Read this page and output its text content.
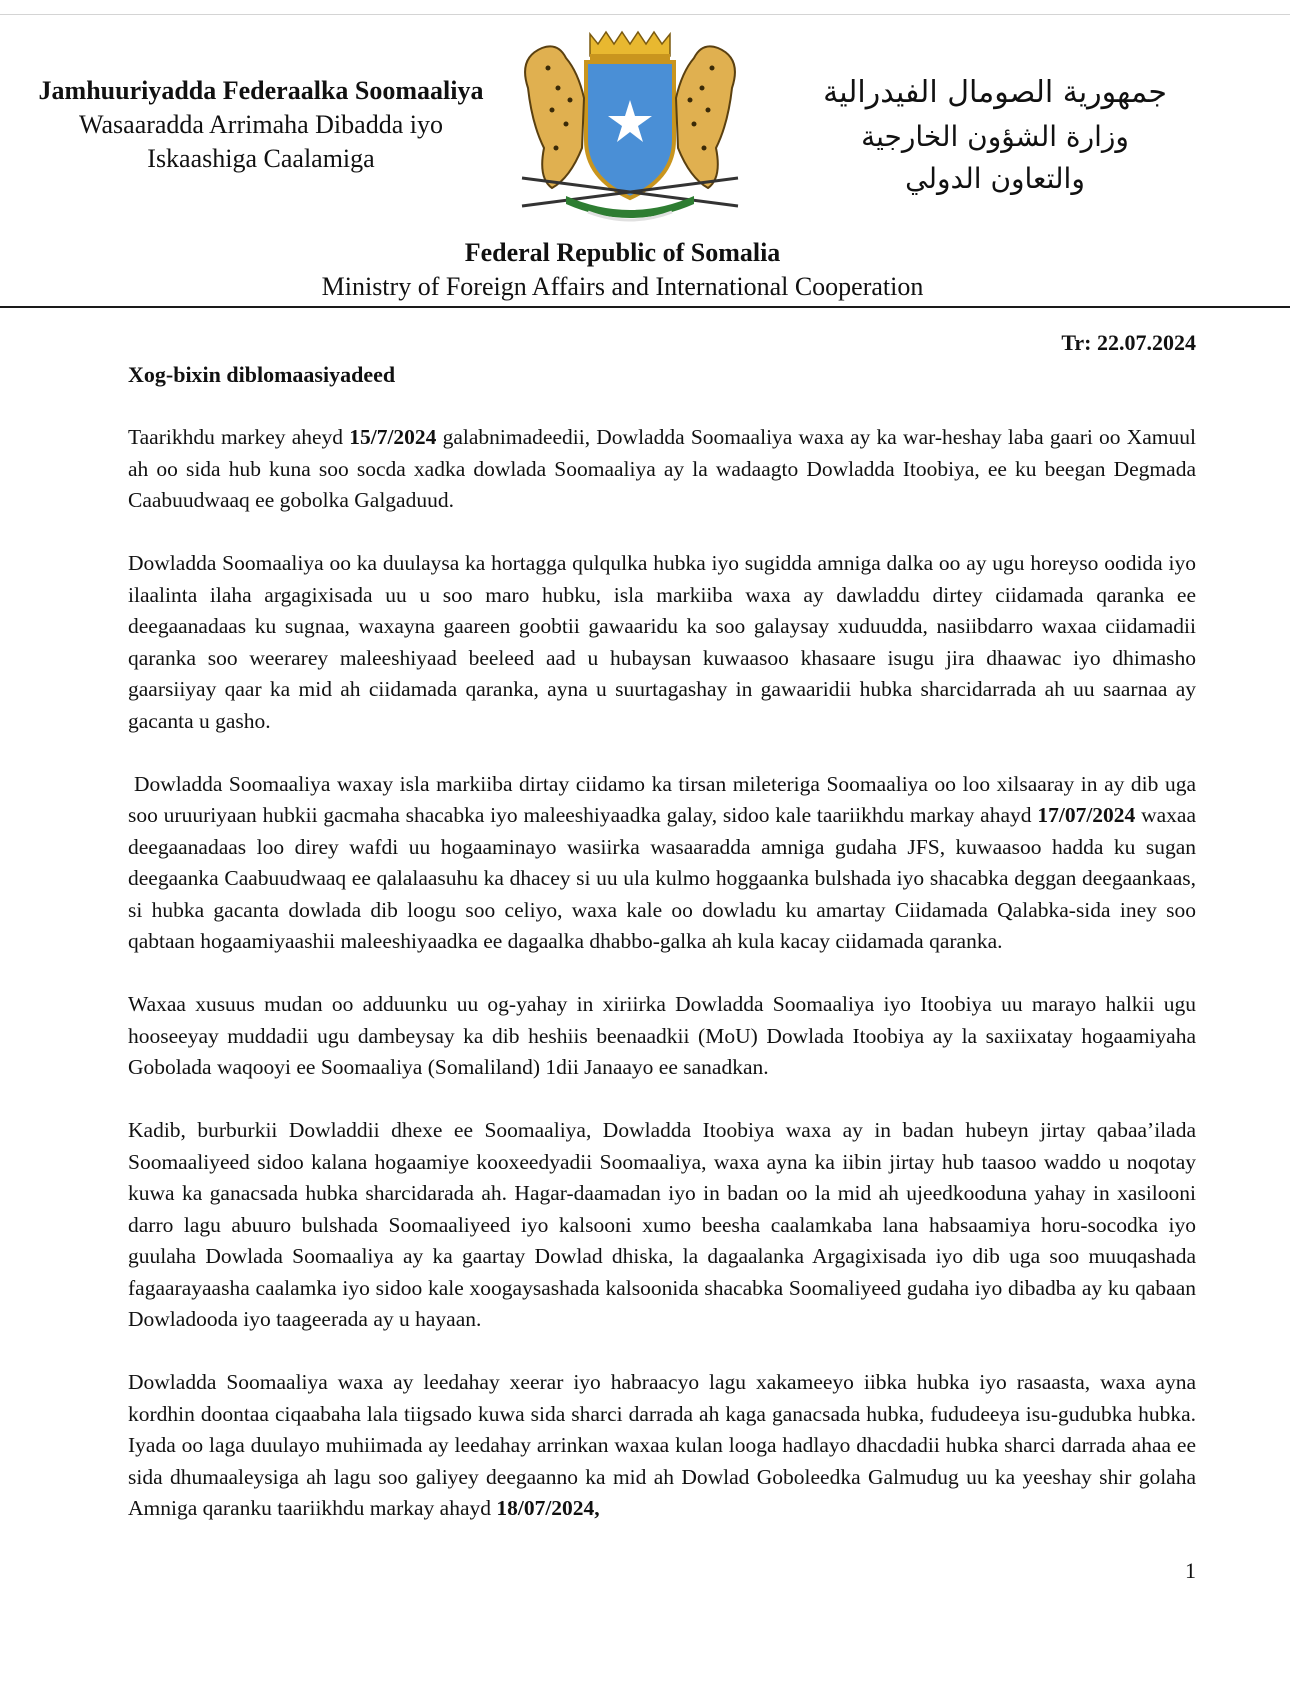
Jamhuuriyadda Federaalka Soomaaliya
Wasaaradda Arrimaha Dibadda iyo
Iskaashiga Caalamiga
جمهورية الصومال الفيدرالية
وزارة الشؤون الخارجية
والتعاون الدولي
Federal Republic of Somalia
Ministry of Foreign Affairs and International Cooperation
Tr: 22.07.2024
Xog-bixin diblomaasiyadeed

Taarikhdu markey aheyd 15/7/2024 galabnimadeedii, Dowladda Soomaaliya waxa ay ka war-heshay laba gaari oo Xamuul ah oo sida hub kuna soo socda xadka dowlada Soomaaliya ay la wadaagto Dowladda Itoobiya, ee ku beegan Degmada Caabuudwaaq ee gobolka Galgaduud.

Dowladda Soomaaliya oo ka duulaysa ka hortagga qulqulka hubka iyo sugidda amniga dalka oo ay ugu horeyso oodida iyo ilaalinta ilaha argagixisada uu u soo maro hubku, isla markiiba waxa ay dawladdu dirtey ciidamada qaranka ee deegaanadaas ku sugnaa, waxayna gaareen goobtii gawaaridu ka soo galaysay xuduudda, nasiibdarro waxaa ciidamadii qaranka soo weerarey maleeshiyaad beeleed aad u hubaysan kuwaasoo khasaare isugu jira dhaawac iyo dhimasho gaarsiiyay qaar ka mid ah ciidamada qaranka, ayna u suurtagashay in gawaaridii hubka sharcidarrada ah uu saarnaa ay gacanta u gasho.

Dowladda Soomaaliya waxay isla markiiba dirtay ciidamo ka tirsan mileteriga Soomaaliya oo loo xilsaaray in ay dib uga soo uruuriyaan hubkii gacmaha shacabka iyo maleeshiyaadka galay, sidoo kale taariikhdu markay ahayd 17/07/2024 waxaa deegaanadaas loo direy wafdi uu hogaaminayo wasiirka wasaaradda amniga gudaha JFS, kuwaasoo hadda ku sugan deegaanka Caabuudwaaq ee qalalaasuhu ka dhacey si uu ula kulmo hoggaanka bulshada iyo shacabka deggan deegaankaas, si hubka gacanta dowlada dib loogu soo celiyo, waxa kale oo dowladu ku amartay Ciidamada Qalabka-sida iney soo qabtaan hogaamiyaashii maleeshiyaadka ee dagaalka dhabbo-galka ah kula kacay ciidamada qaranka.

Waxaa xusuus mudan oo adduunku uu og-yahay in xiriirka Dowladda Soomaaliya iyo Itoobiya uu marayo halkii ugu hooseeyay muddadii ugu dambeysay ka dib heshiis beenaadkii (MoU) Dowlada Itoobiya ay la saxiixatay hogaamiyaha Gobolada waqooyi ee Soomaaliya (Somaliland) 1dii Janaayo ee sanadkan.

Kadib, burburkii Dowladdii dhexe ee Soomaaliya, Dowladda Itoobiya waxa ay in badan hubeyn jirtay qabaa’ilada Soomaaliyeed sidoo kalana hogaamiye kooxeedyadii Soomaaliya, waxa ayna ka iibin jirtay hub taasoo waddo u noqotay kuwa ka ganacsada hubka sharcidarada ah. Hagar-daamadan iyo in badan oo la mid ah ujeedkooduna yahay in xasilooni darro lagu abuuro bulshada Soomaaliyeed iyo kalsooni xumo beesha caalamkaba lana habsaamiya horu-socodka iyo guulaha Dowlada Soomaaliya ay ka gaartay Dowlad dhiska, la dagaalanka Argagixisada iyo dib uga soo muuqashada fagaarayaasha caalamka iyo sidoo kale xoogaysashada kalsoonida shacabka Soomaliyeed gudaha iyo dibadba ay ku qabaan Dowladooda iyo taageerada ay u hayaan.

Dowladda Soomaaliya waxa ay leedahay xeerar iyo habraacyo lagu xakameeyo iibka hubka iyo rasaasta, waxa ayna kordhin doontaa ciqaabaha lala tiigsado kuwa sida sharci darrada ah kaga ganacsada hubka, fududeeya isu-gudubka hubka. Iyada oo laga duulayo muhiimada ay leedahay arrinkan waxaa kulan looga hadlayo dhacdadii hubka sharci darrada ahaa ee sida dhumaaleysiga ah lagu soo galiyey deegaanno ka mid ah Dowlad Goboleedka Galmudug uu ka yeeshay shir golaha Amniga qaranku taariikhdu markay ahayd 18/07/2024,

1
